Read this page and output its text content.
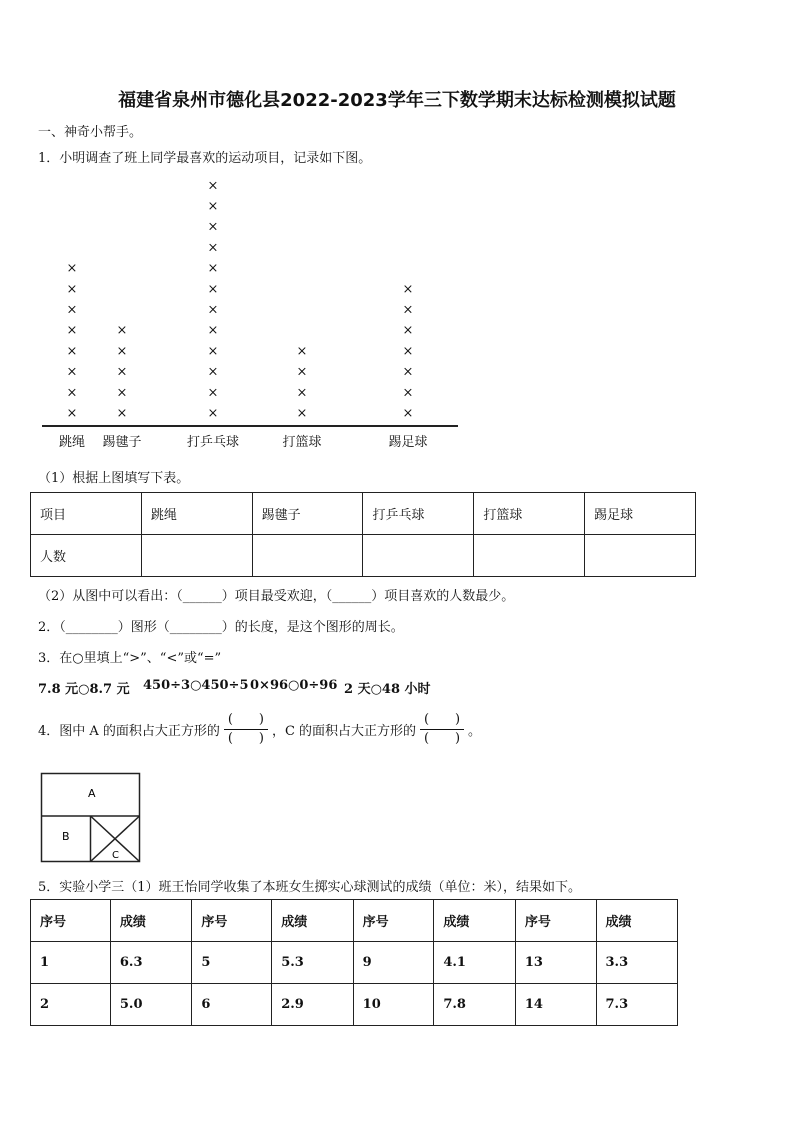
福建省泉州市德化县2022-2023学年三下数学期末达标检测模拟试题
一、神奇小帮手。
1．小明调查了班上同学最喜欢的运动项目，记录如下图。
×
×
×
×
×
×
×
×
跳绳
×
×
×
×
×
踢毽子
×
×
×
×
×
×
×
×
×
×
×
×
打乒乓球
×
×
×
×
打篮球
×
×
×
×
×
×
×
踢足球
（1）根据上图填写下表。
项目	跳绳	踢毽子	打乒乓球	打篮球	踢足球
人数					
（2）从图中可以看出：（______）项目最受欢迎，（______）项目喜欢的人数最少。
2．（________）图形（________）的长度，是这个图形的周长。
3．在○里填上“>”、“<”或“=”
7.8 元○8.7 元 450÷3○450÷5 0×96○0÷96 2 天○48 小时
4．图中 A 的面积占大正方形的 $\frac{( )}{( )}$ ，C 的面积占大正方形的 $\frac{( )}{( )}$ 。
A
B
C
5．实验小学三（1）班王怡同学收集了本班女生掷实心球测试的成绩（单位：米），结果如下。
序号	成绩	序号	成绩	序号	成绩	序号	成绩
1	6.3	5	5.3	9	4.1	13	3.3
2	5.0	6	2.9	10	7.8	14	7.3
